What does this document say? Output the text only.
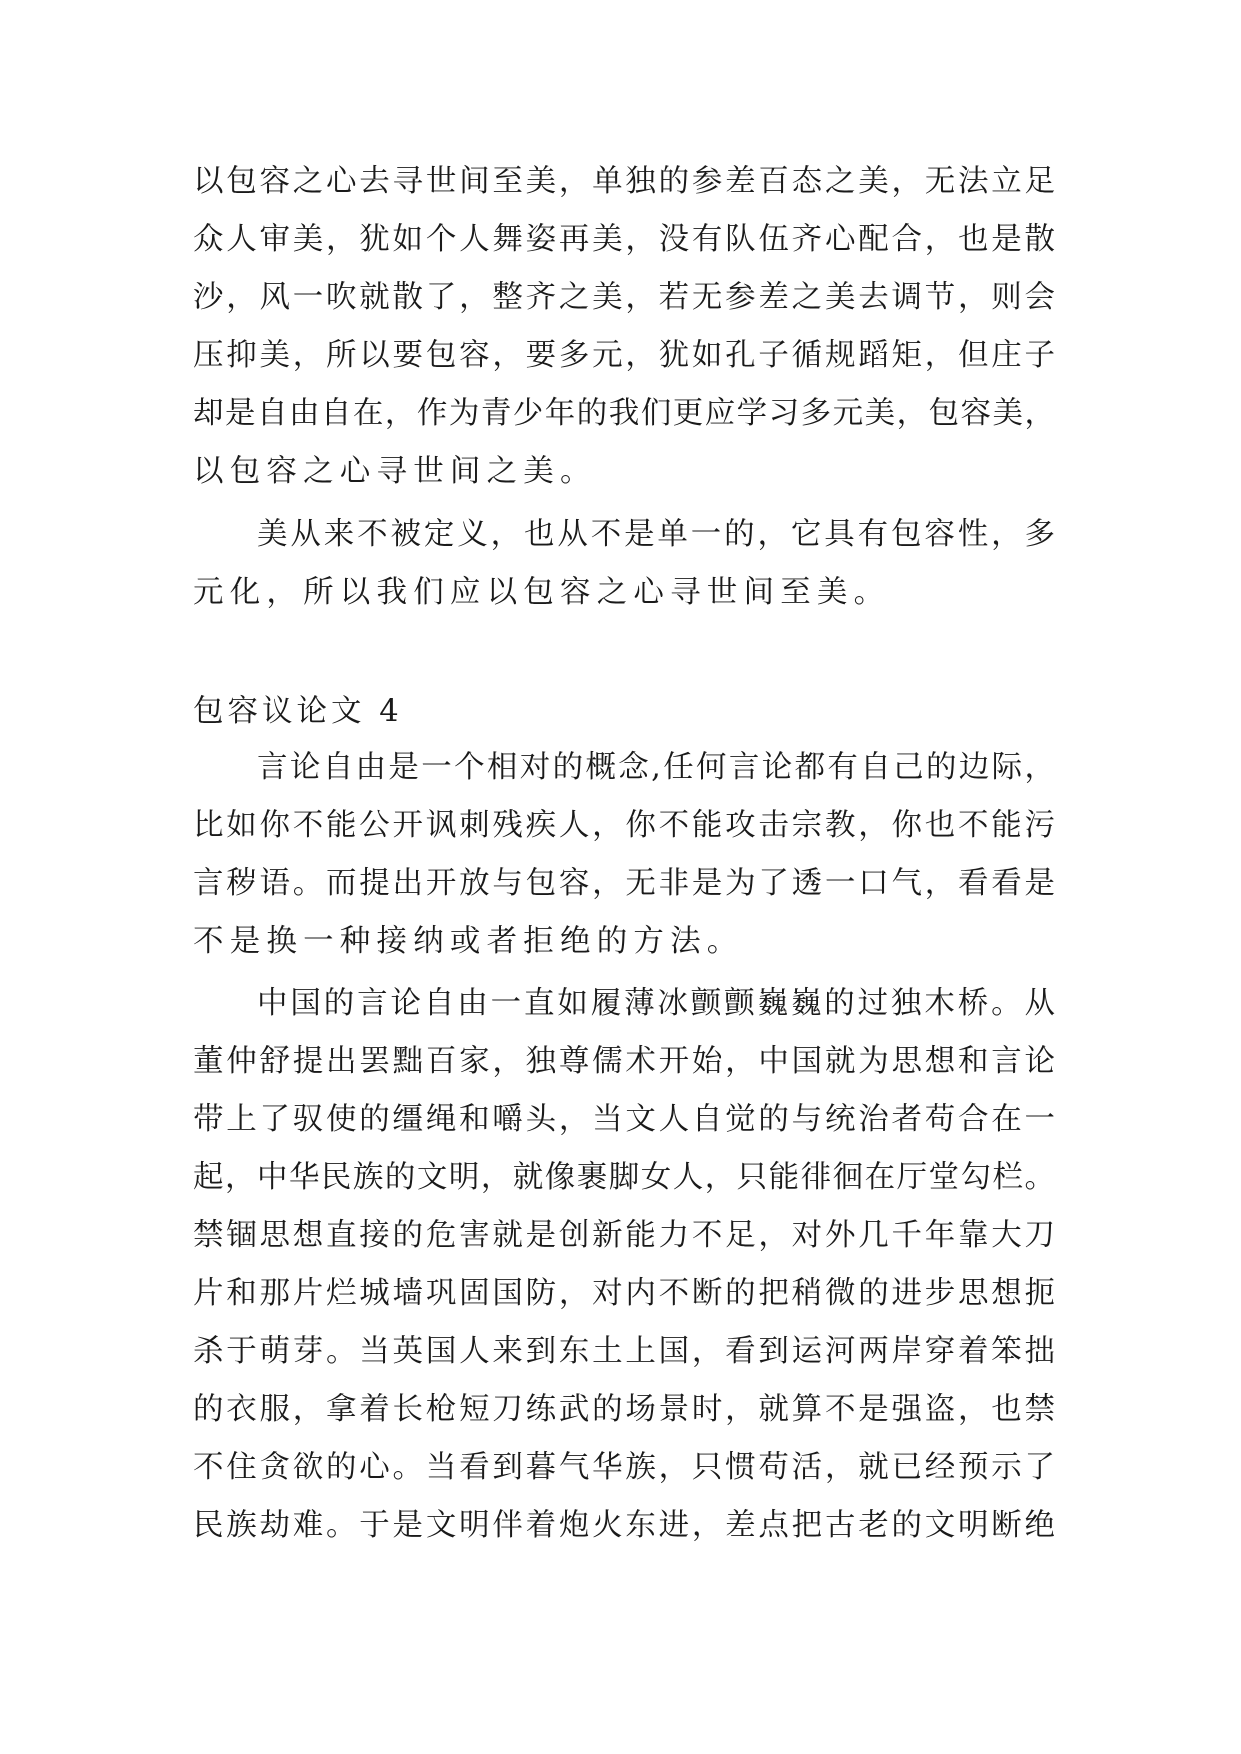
以包容之心去寻世间至美，单独的参差百态之美，无法立足
众人审美，犹如个人舞姿再美，没有队伍齐心配合，也是散
沙，风一吹就散了，整齐之美，若无参差之美去调节，则会
压抑美，所以要包容，要多元，犹如孔子循规蹈矩，但庄子
却是自由自在，作为青少年的我们更应学习多元美，包容美，
以包容之心寻世间之美。
美从来不被定义，也从不是单一的，它具有包容性，多
元化，所以我们应以包容之心寻世间至美。
包容议论文 4
言论自由是一个相对的概念,任何言论都有自己的边际，
比如你不能公开讽刺残疾人，你不能攻击宗教，你也不能污
言秽语。而提出开放与包容，无非是为了透一口气，看看是
不是换一种接纳或者拒绝的方法。
中国的言论自由一直如履薄冰颤颤巍巍的过独木桥。从
董仲舒提出罢黜百家，独尊儒术开始，中国就为思想和言论
带上了驭使的缰绳和嚼头，当文人自觉的与统治者苟合在一
起，中华民族的文明，就像裹脚女人，只能徘徊在厅堂勾栏。
禁锢思想直接的危害就是创新能力不足，对外几千年靠大刀
片和那片烂城墙巩固国防，对内不断的把稍微的进步思想扼
杀于萌芽。当英国人来到东土上国，看到运河两岸穿着笨拙
的衣服，拿着长枪短刀练武的场景时，就算不是强盗，也禁
不住贪欲的心。当看到暮气华族，只惯苟活，就已经预示了
民族劫难。于是文明伴着炮火东进，差点把古老的文明断绝
